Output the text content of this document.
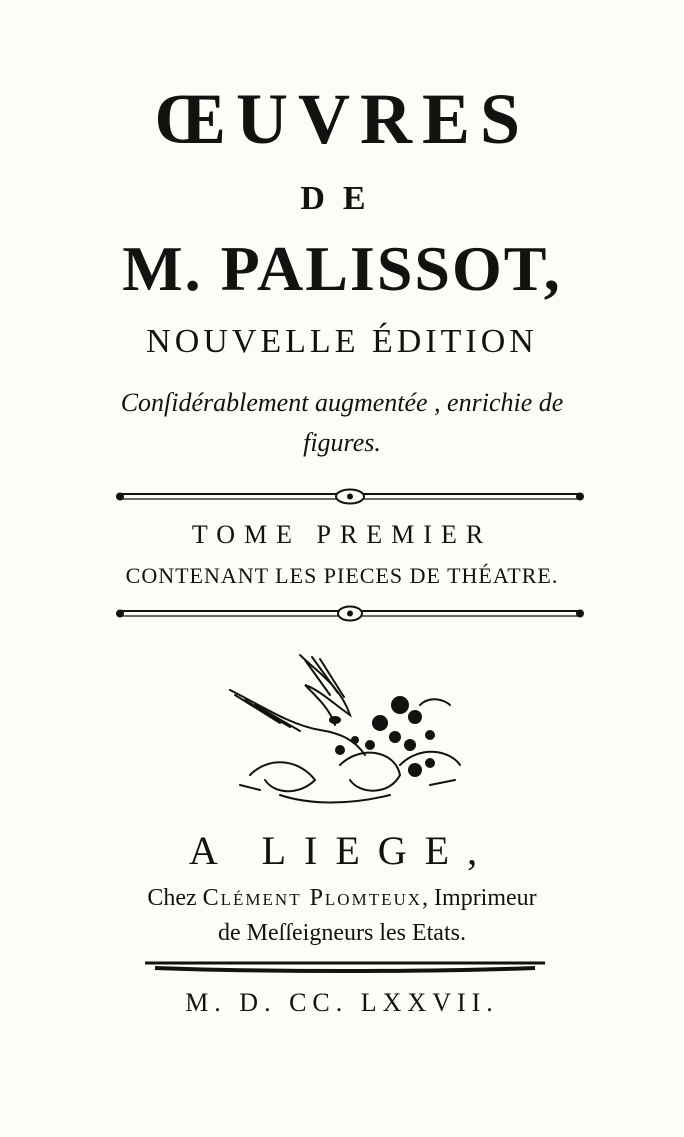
ŒUVRES
DE
M. PALISSOT,
NOUVELLE ÉDITION
Conſidérablement augmentée , enrichie de
figures.
TOME PREMIER
CONTENANT LES PIECES DE THÉATRE.
A LIEGE,
Chez Clément Plomteux, Imprimeur
de Meſſeigneurs les Etats.
M. D. CC. LXXVII.
